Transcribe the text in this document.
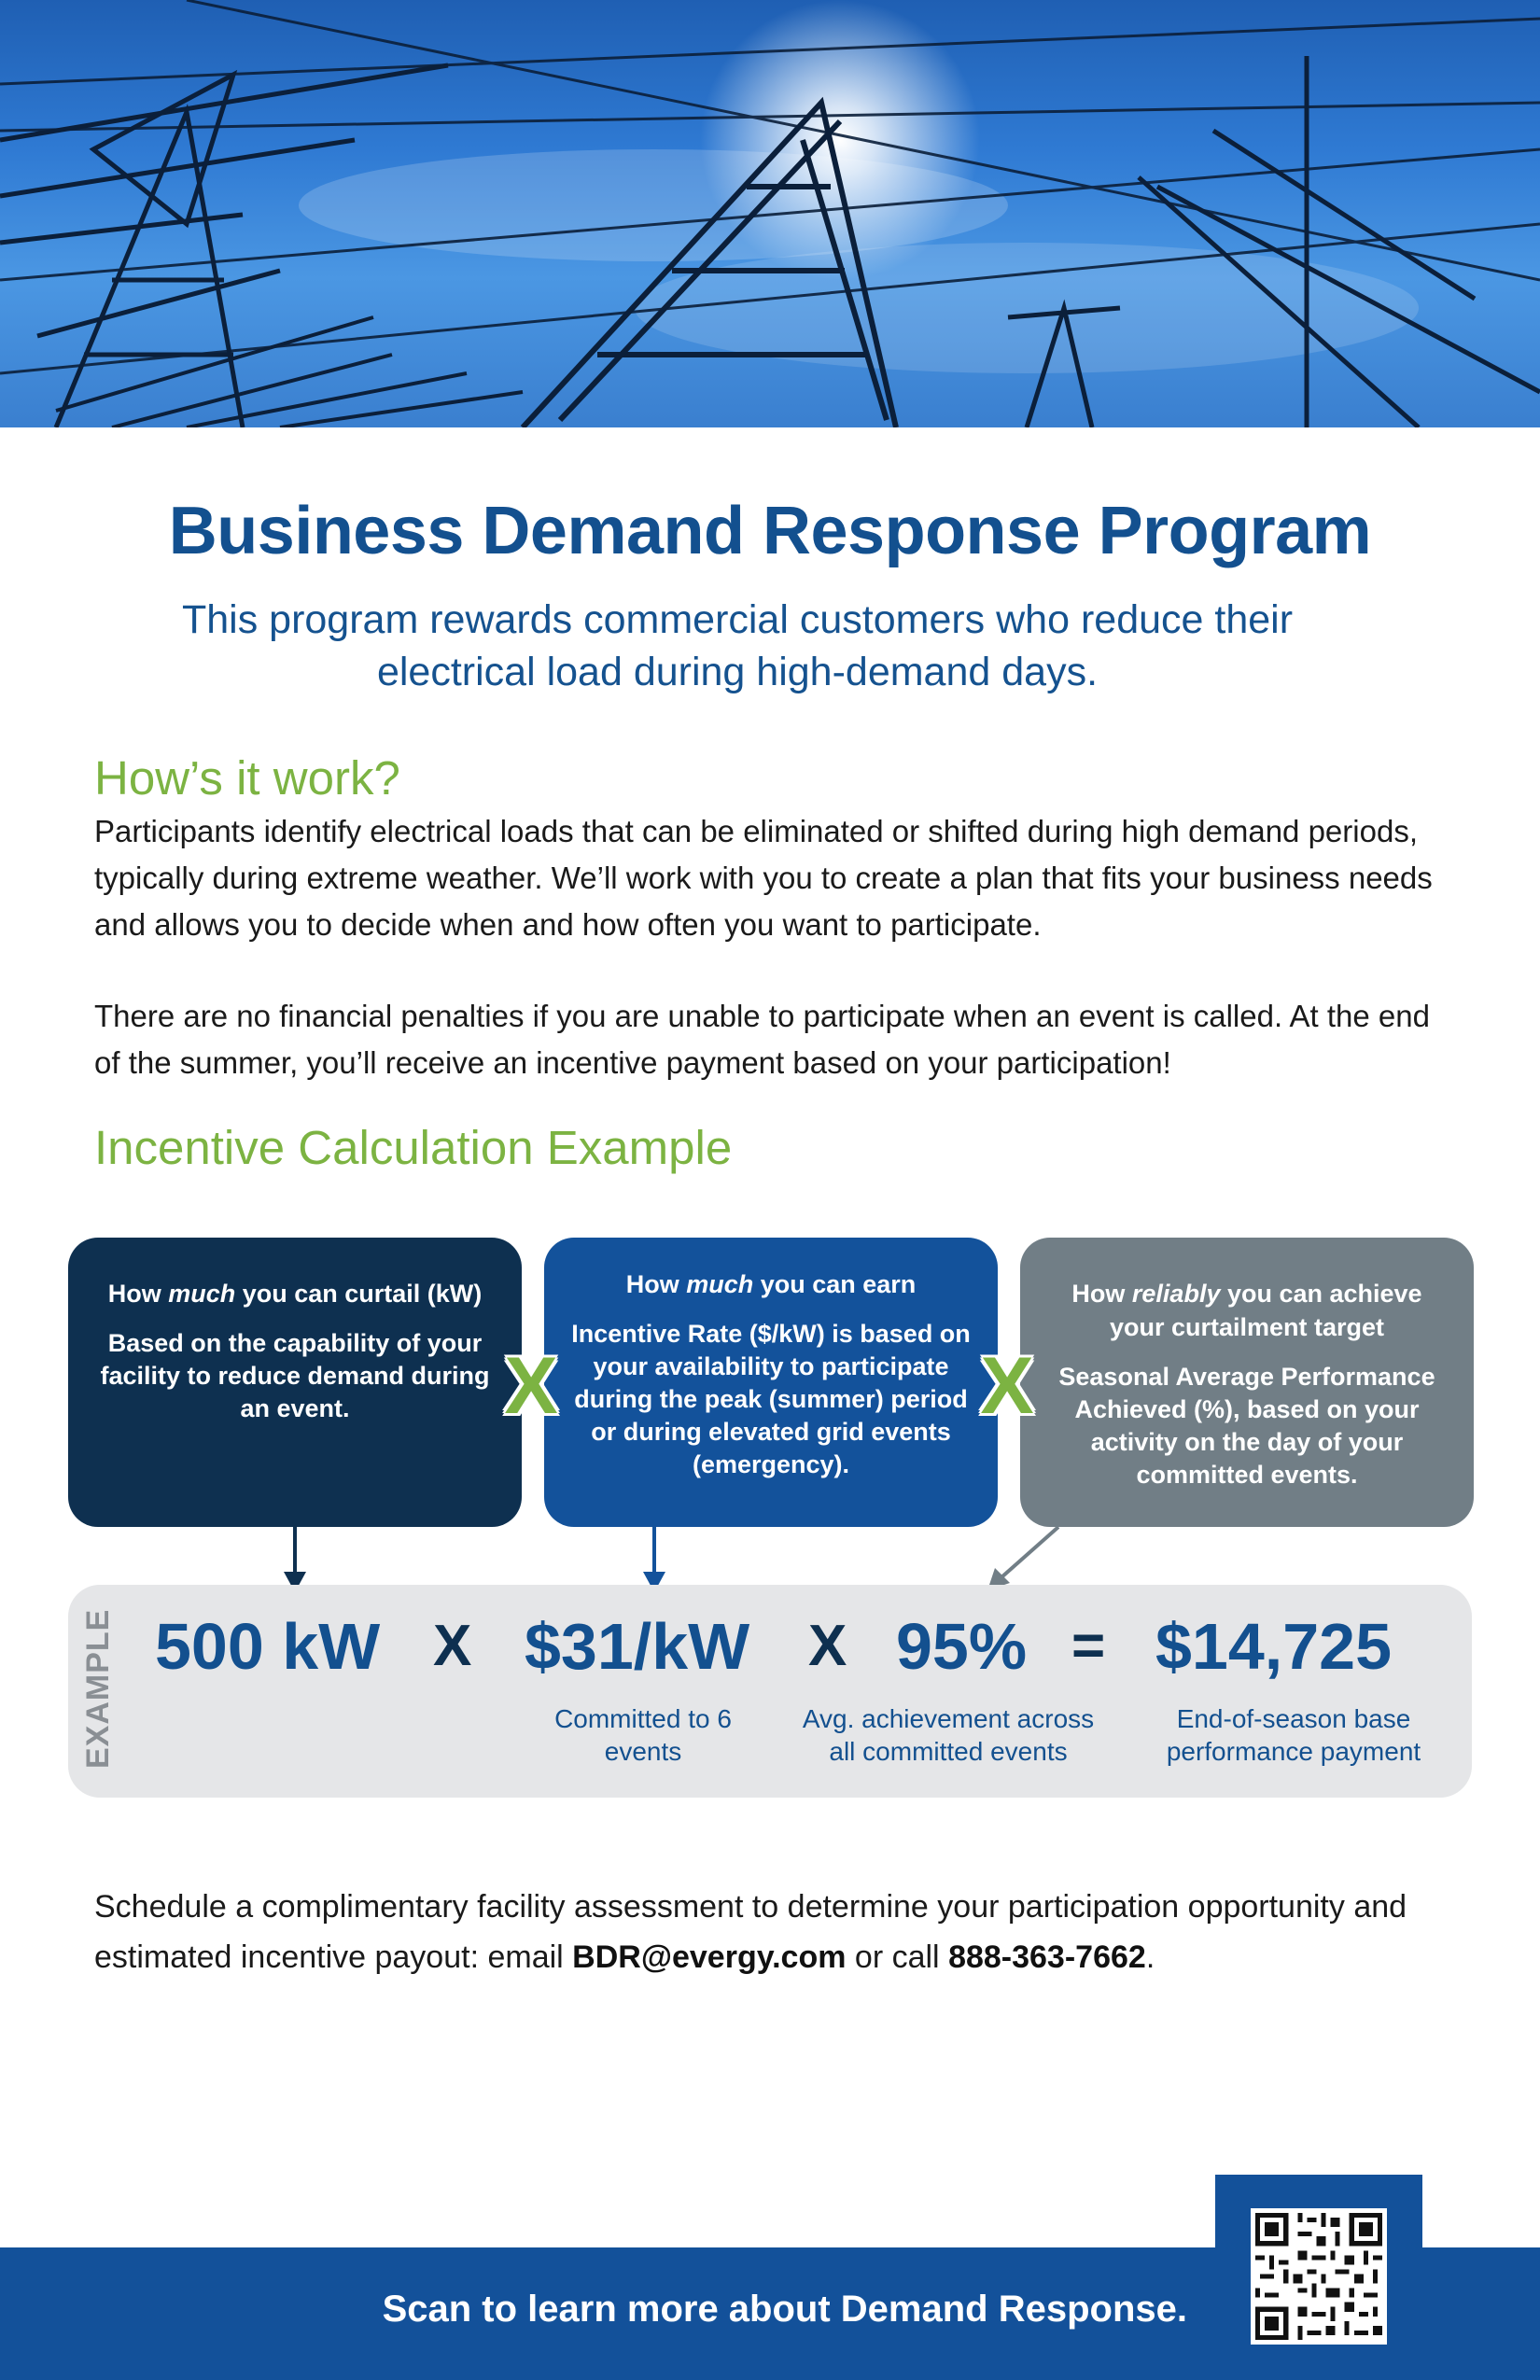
Business Demand Response Program
This program rewards commercial customers who reduce their electrical load during high-demand days.
How’s it work?
Participants identify electrical loads that can be eliminated or shifted during high demand periods, typically during extreme weather. We’ll work with you to create a plan that fits your business needs and allows you to decide when and how often you want to participate.
There are no financial penalties if you are unable to participate when an event is called. At the end of the summer, you’ll receive an incentive payment based on your participation!
Incentive Calculation Example
How much you can curtail (kW)
Based on the capability of your facility to reduce demand during an event.
How much you can earn
Incentive Rate ($/kW) is based on your availability to participate during the peak (summer) period or during elevated grid events (emergency).
How reliably you can achieve your curtailment target
Seasonal Average Performance Achieved (%), based on your activity on the day of your committed events.
X	X
EXAMPLE 500 kW X $31/kW X 95% = $14,725
Committed to 6 events
Avg. achievement across all committed events
End-of-season base performance payment
Schedule a complimentary facility assessment to determine your participation opportunity and estimated incentive payout: email BDR@evergy.com or call 888-363-7662.
Scan to learn more about Demand Response.
